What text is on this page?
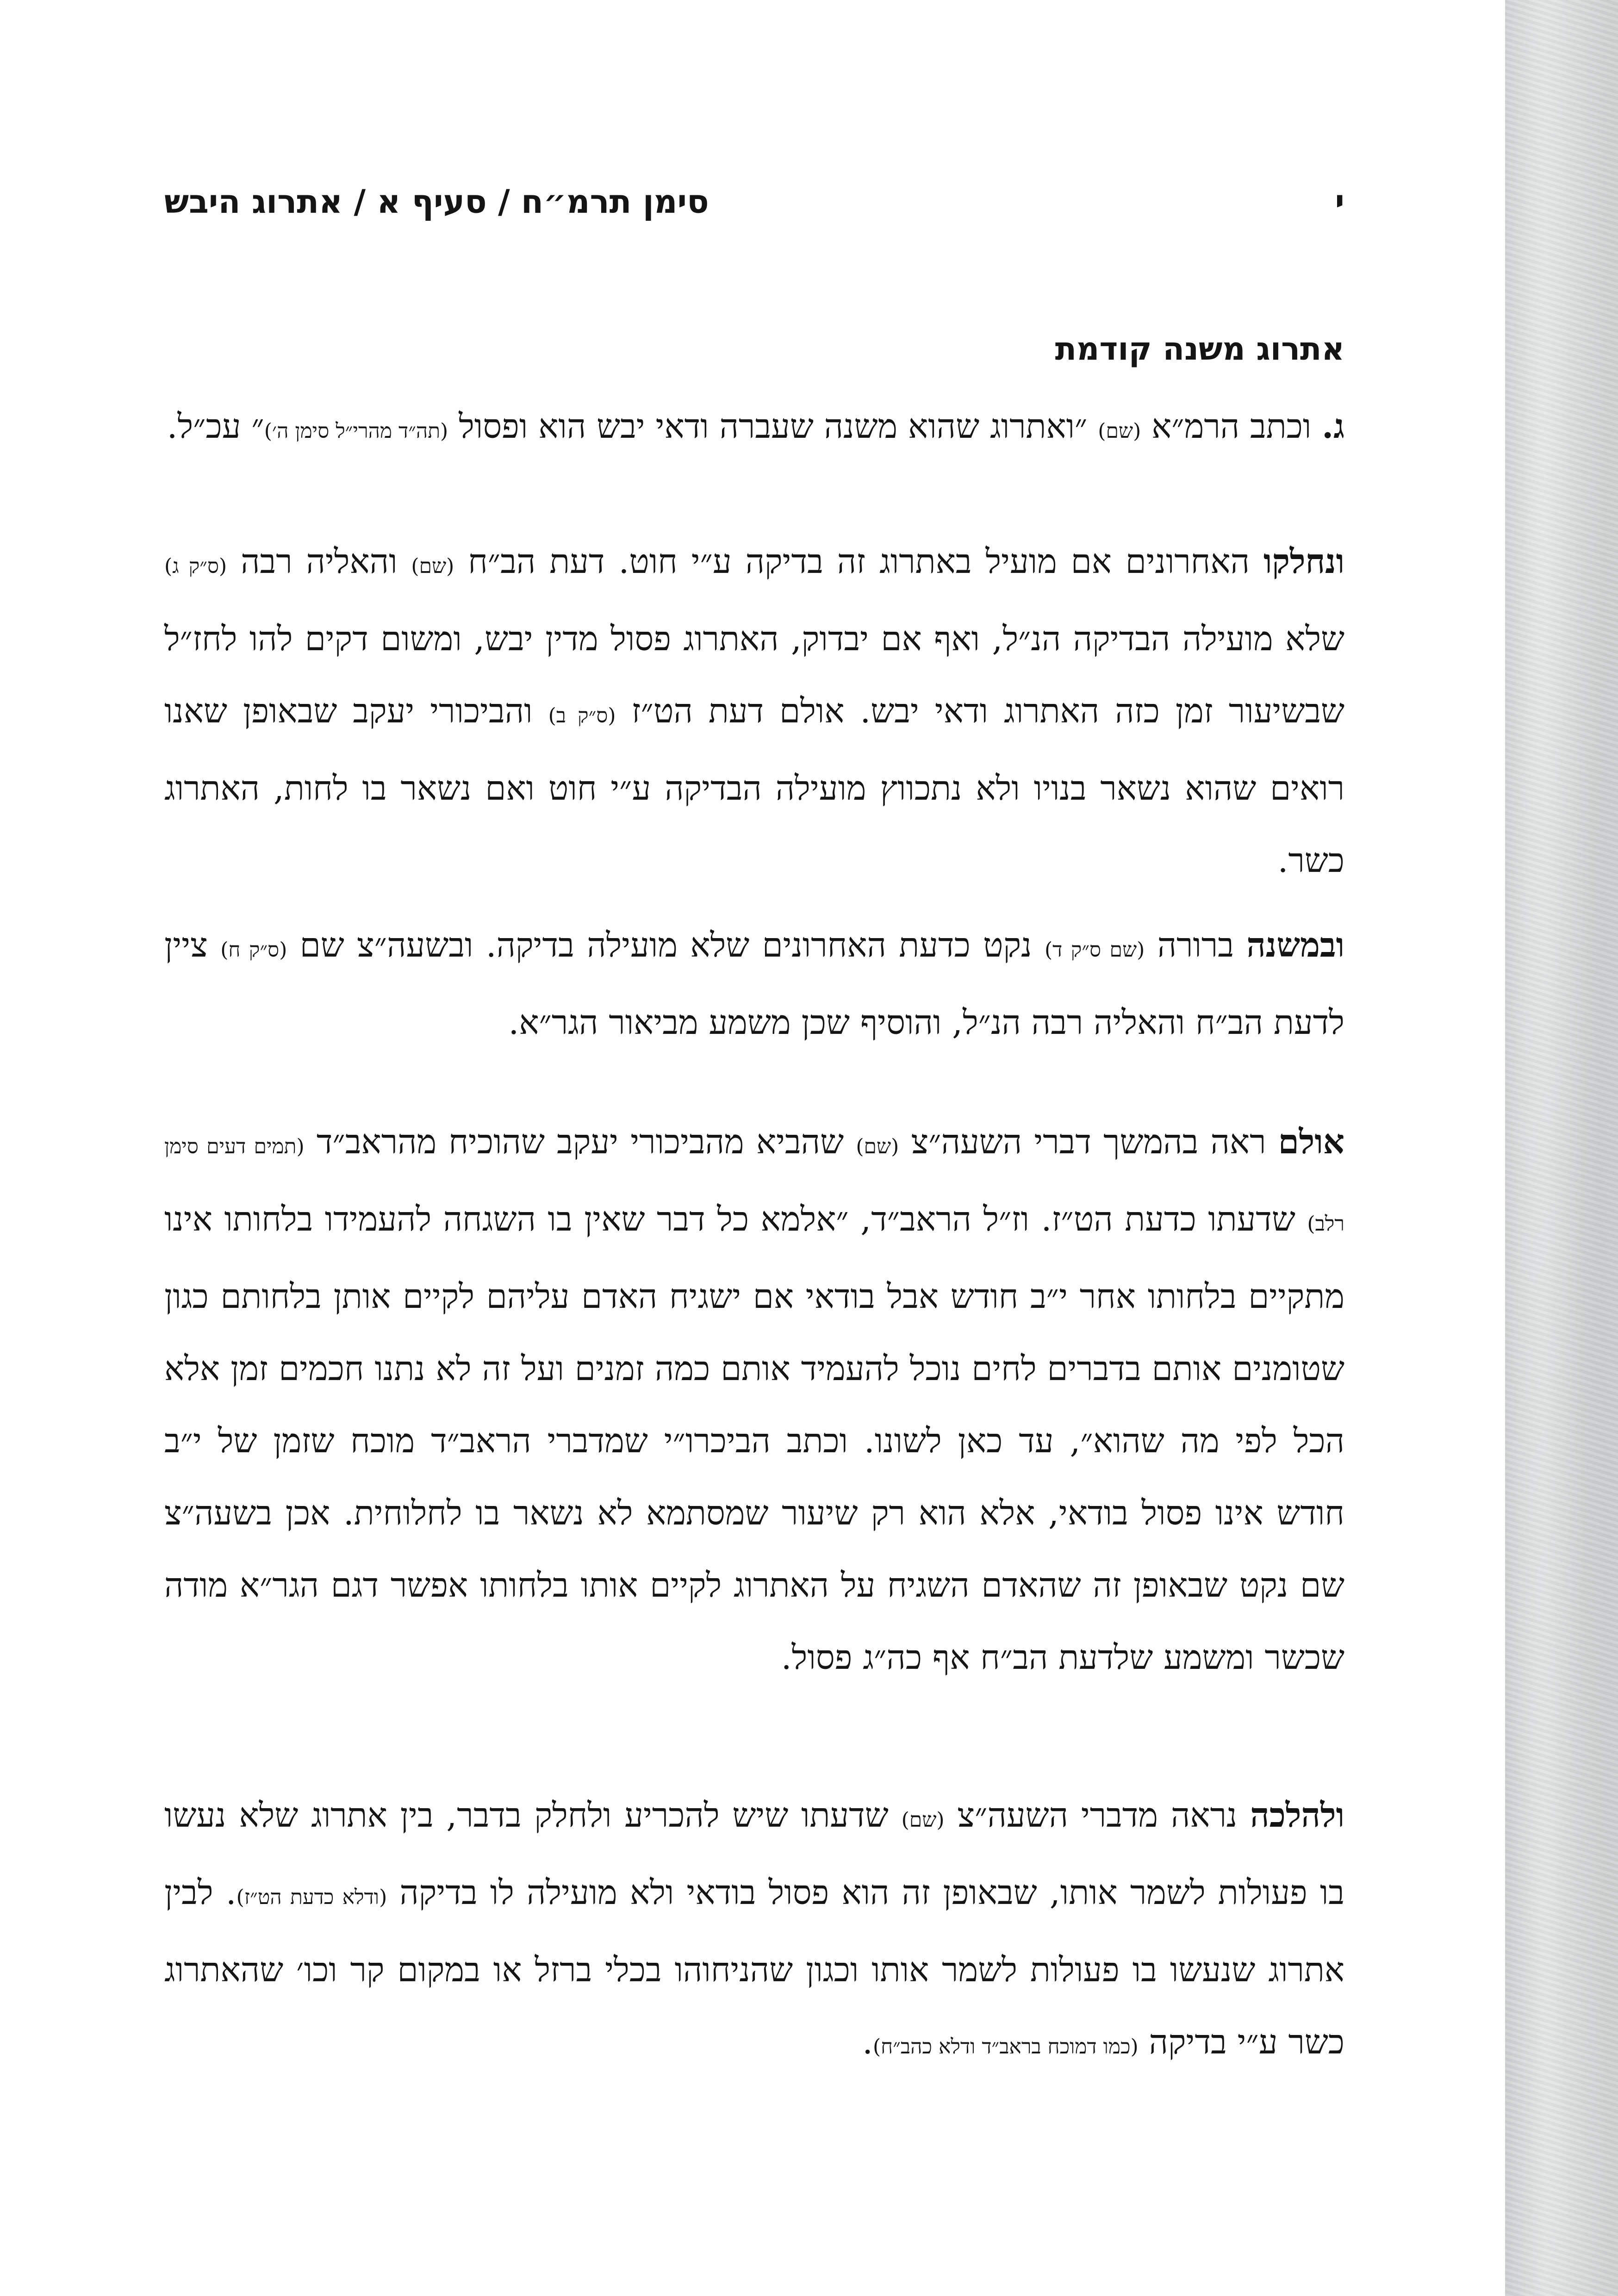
י
סימן תרמ״ח / סעיף א / אתרוג היבש
אתרוג משנה קודמת
ג. וכתב הרמ״א (שם) ״ואתרוג שהוא משנה שעברה ודאי יבש הוא ופסול (תה״ד מהרי״ל סימן ה׳)״ עכ״ל.
ונחלקו האחרונים אם מועיל באתרוג זה בדיקה ע״י חוט. דעת הב״ח (שם) והאליה רבה (ס״ק ג) שלא מועילה הבדיקה הנ״ל, ואף אם יבדוק, האתרוג פסול מדין יבש, ומשום דקים להו לחז״ל שבשיעור זמן כזה האתרוג ודאי יבש. אולם דעת הט״ז (ס״ק ב) והביכורי יעקב שבאופן שאנו רואים שהוא נשאר בנויו ולא נתכווץ מועילה הבדיקה ע״י חוט ואם נשאר בו לחות, האתרוג כשר.
ובמשנה ברורה (שם ס״ק ד) נקט כדעת האחרונים שלא מועילה בדיקה. ובשעה״צ שם (ס״ק ח) ציין לדעת הב״ח והאליה רבה הנ״ל, והוסיף שכן משמע מביאור הגר״א.
אולם ראה בהמשך דברי השעה״צ (שם) שהביא מהביכורי יעקב שהוכיח מהראב״ד (תמים דעים סימן רלב) שדעתו כדעת הט״ז. וז״ל הראב״ד, ״אלמא כל דבר שאין בו השגחה להעמידו בלחותו אינו מתקיים בלחותו אחר י״ב חודש אבל בודאי אם ישגיח האדם עליהם לקיים אותן בלחותם כגון שטומנים אותם בדברים לחים נוכל להעמיד אותם כמה זמנים ועל זה לא נתנו חכמים זמן אלא הכל לפי מה שהוא״, עד כאן לשונו. וכתב הביכרו״י שמדברי הראב״ד מוכח שזמן של י״ב חודש אינו פסול בודאי, אלא הוא רק שיעור שמסתמא לא נשאר בו לחלוחית. אכן בשעה״צ שם נקט שבאופן זה שהאדם השגיח על האתרוג לקיים אותו בלחותו אפשר דגם הגר״א מודה שכשר ומשמע שלדעת הב״ח אף כה״ג פסול.
ולהלכה נראה מדברי השעה״צ (שם) שדעתו שיש להכריע ולחלק בדבר, בין אתרוג שלא נעשו בו פעולות לשמר אותו, שבאופן זה הוא פסול בודאי ולא מועילה לו בדיקה (ודלא כדעת הט״ז). לבין אתרוג שנעשו בו פעולות לשמר אותו וכגון שהניחוהו בכלי ברזל או במקום קר וכו׳ שהאתרוג כשר ע״י בדיקה (כמו דמוכח בראב״ד ודלא כהב״ח).
